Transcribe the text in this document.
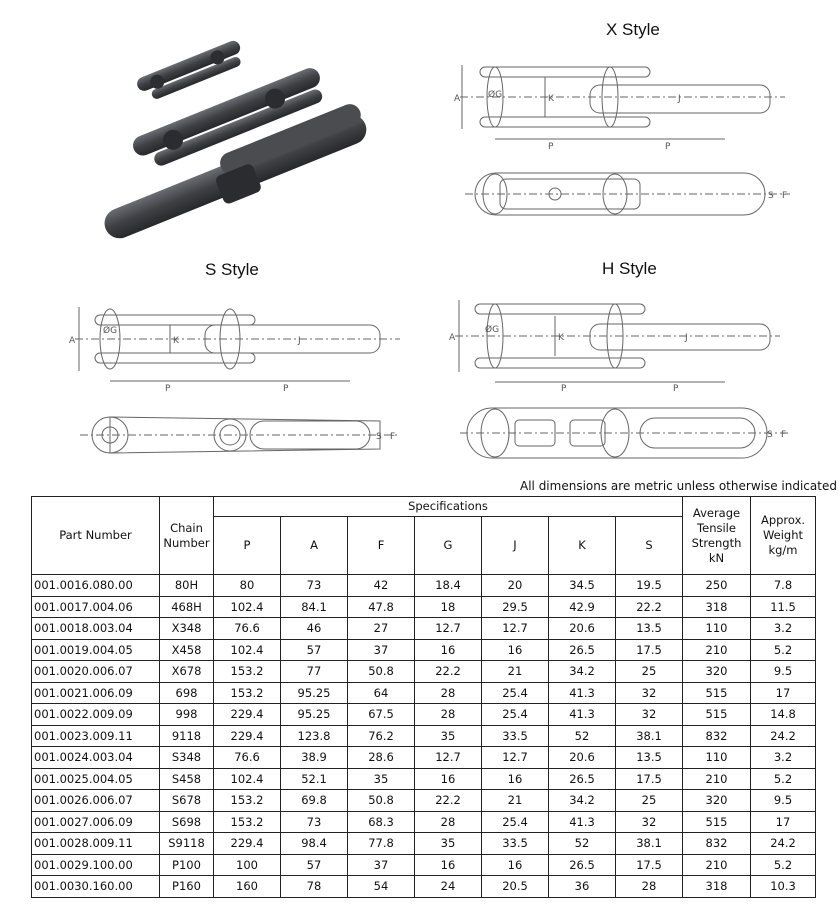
X Style
A	ØG	K	J
P	P
S F
S Style
A
ØG
K	J
P	P
S F
H Style
A
ØG
K	J
P	P
S F
All dimensions are metric unless otherwise indicated
Part Number	Chain Number	Specifications							Average Tensile Strength kN	Approx. Weight kg/m
		P	A	F	G	J	K	S		
001.0016.080.00	80H	80	73	42	18.4	20	34.5	19.5	250	7.8
001.0017.004.06	468H	102.4	84.1	47.8	18	29.5	42.9	22.2	318	11.5
001.0018.003.04	X348	76.6	46	27	12.7	12.7	20.6	13.5	110	3.2
001.0019.004.05	X458	102.4	57	37	16	16	26.5	17.5	210	5.2
001.0020.006.07	X678	153.2	77	50.8	22.2	21	34.2	25	320	9.5
001.0021.006.09	698	153.2	95.25	64	28	25.4	41.3	32	515	17
001.0022.009.09	998	229.4	95.25	67.5	28	25.4	41.3	32	515	14.8
001.0023.009.11	9118	229.4	123.8	76.2	35	33.5	52	38.1	832	24.2
001.0024.003.04	S348	76.6	38.9	28.6	12.7	12.7	20.6	13.5	110	3.2
001.0025.004.05	S458	102.4	52.1	35	16	16	26.5	17.5	210	5.2
001.0026.006.07	S678	153.2	69.8	50.8	22.2	21	34.2	25	320	9.5
001.0027.006.09	S698	153.2	73	68.3	28	25.4	41.3	32	515	17
001.0028.009.11	S9118	229.4	98.4	77.8	35	33.5	52	38.1	832	24.2
001.0029.100.00	P100	100	57	37	16	16	26.5	17.5	210	5.2
001.0030.160.00	P160	160	78	54	24	20.5	36	28	318	10.3
